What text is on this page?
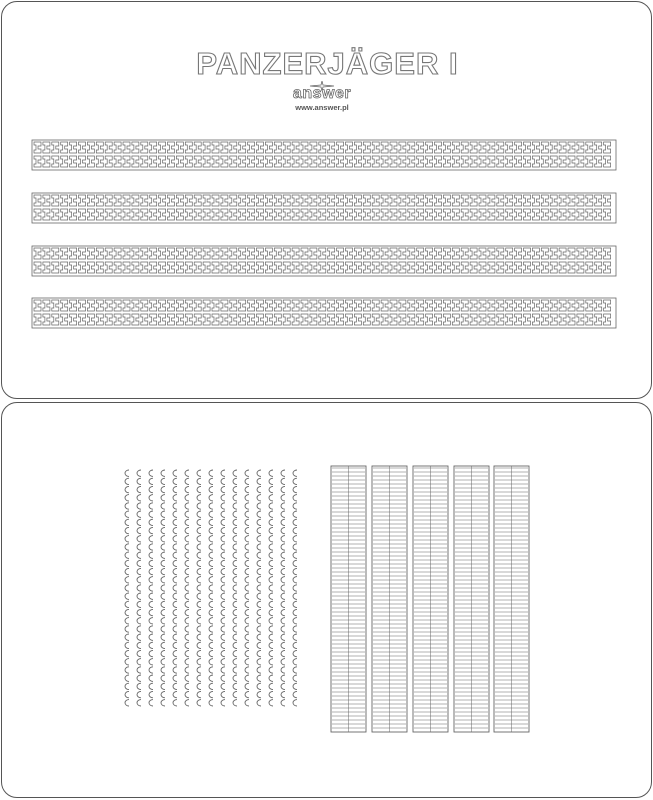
PANZERJÄGER I
answer
www.answer.pl
